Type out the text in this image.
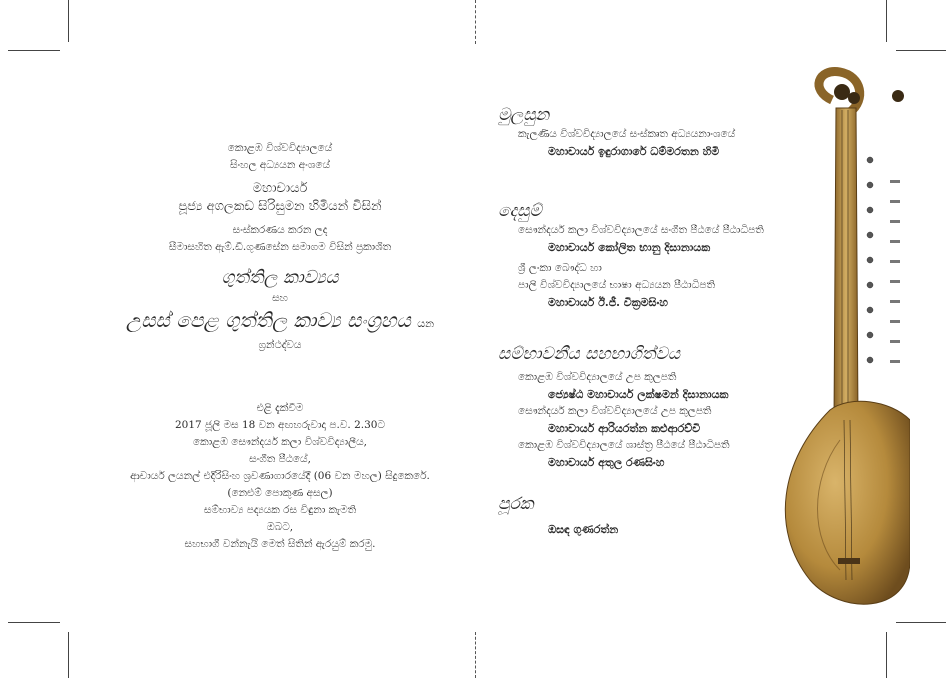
කොළඹ විශ්වවිද්‍යාලයේ
සිංහල අධ්‍යයන අංශයේ
මහාචාර්ය
පූජ්‍ය අගලකඩ සිරිසුමන හිමියන් විසින්
සංස්කරණය කරන ලද
සීමාසහිත ඇම්.ඩී.ගුණසේන සමාගම විසින් ප්‍රකාශිත
ගුත්තිල කාව්‍යය
සහ
උසස් පෙළ ගුත්තිල කාව්‍ය සංග්‍රහය යන
ග්‍රන්ථද්වය
එළි දැක්වීම
2017 ජූලි මස 18 වන අඟහරුවාදා ප.ව. 2.30ට
කොළඹ සෞන්දර්ය කලා විශ්වවිද්‍යාලීය,
සංගීත පීඨයේ,
ආචාර්ය ලයනල් එදිරිසිංහ ශ්‍රවණාගාරයේදී (06 වන මහල) සිදුකෙරේ.
(නෙළුම් පොකුණ අසල)
සම්භාව්‍ය පද්‍යයක රස විඳුනා කැමති
ඔබට,
සහභාගී වන්නැයි මෙත් සිතින් ඇරයුම් කරමු.

මුලසුන

කැලණිය විශ්වවිද්‍යාලයේ සංස්කෘත අධ්‍යයනාංශයේ

මහාචාර්ය ඉඳුරාගාරේ ධම්මරතන හිමි

දෙසුම්

සෞන්දර්ය කලා විශ්වවිද්‍යාලයේ සංගීත පීඨයේ පීඨාධිපති

මහාචාර්ය කෝලිත භානු දිසානායක

ශ්‍රී ලංකා බෞද්ධ හා

පාලි විශ්වවිද්‍යාලයේ භාෂා අධ්‍යයන පීඨාධිපති

මහාචාර්ය ඊ.ජී. වික්‍රමසිංහ

සම්භාවනීය සහභාගිත්වය

කොළඹ විශ්වවිද්‍යාලයේ උප කුලපති

ජ්‍යෙෂ්ඨ මහාචාර්ය ලක්ෂමන් දිසානායක

සෞන්දර්ය කලා විශ්වවිද්‍යාලයේ උප කුලපති

මහාචාර්ය ආරියරත්න කළුආරච්චි

කොළඹ විශ්වවිද්‍යාලයේ ශාස්ත්‍ර පීඨයේ පීඨාධිපති

මහාචාර්ය අතුල රණසිංහ

පූරක

ඔසඳ ගුණරත්න
